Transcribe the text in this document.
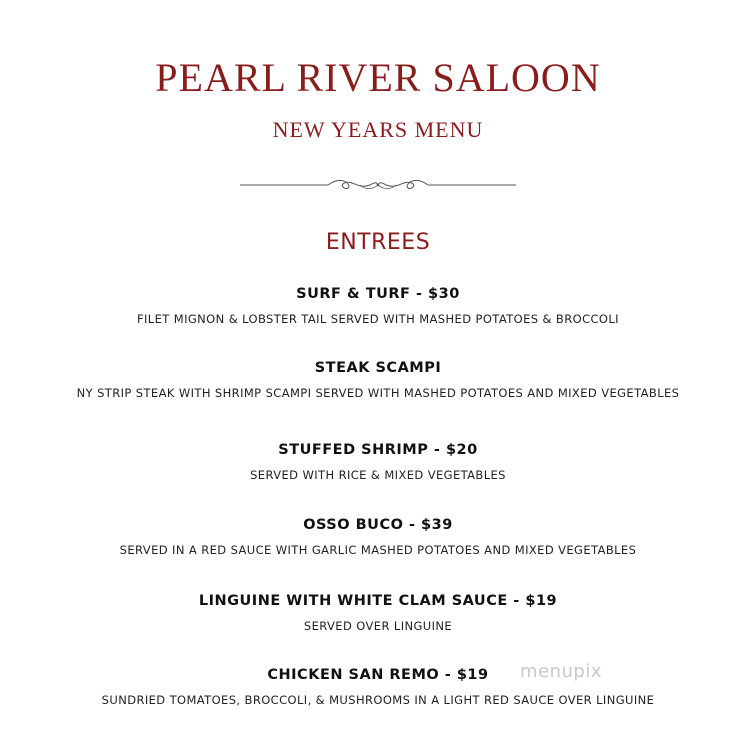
PEARL RIVER SALOON
NEW YEARS MENU
ENTREES
SURF & TURF - $30
FILET MIGNON & LOBSTER TAIL SERVED WITH MASHED POTATOES & BROCCOLI
STEAK SCAMPI
NY STRIP STEAK WITH SHRIMP SCAMPI SERVED WITH MASHED POTATOES AND MIXED VEGETABLES
STUFFED SHRIMP - $20
SERVED WITH RICE & MIXED VEGETABLES
OSSO BUCO - $39
SERVED IN A RED SAUCE WITH GARLIC MASHED POTATOES AND MIXED VEGETABLES
LINGUINE WITH WHITE CLAM SAUCE - $19
SERVED OVER LINGUINE
CHICKEN SAN REMO - $19
SUNDRIED TOMATOES, BROCCOLI, & MUSHROOMS IN A LIGHT RED SAUCE OVER LINGUINE
menupix
